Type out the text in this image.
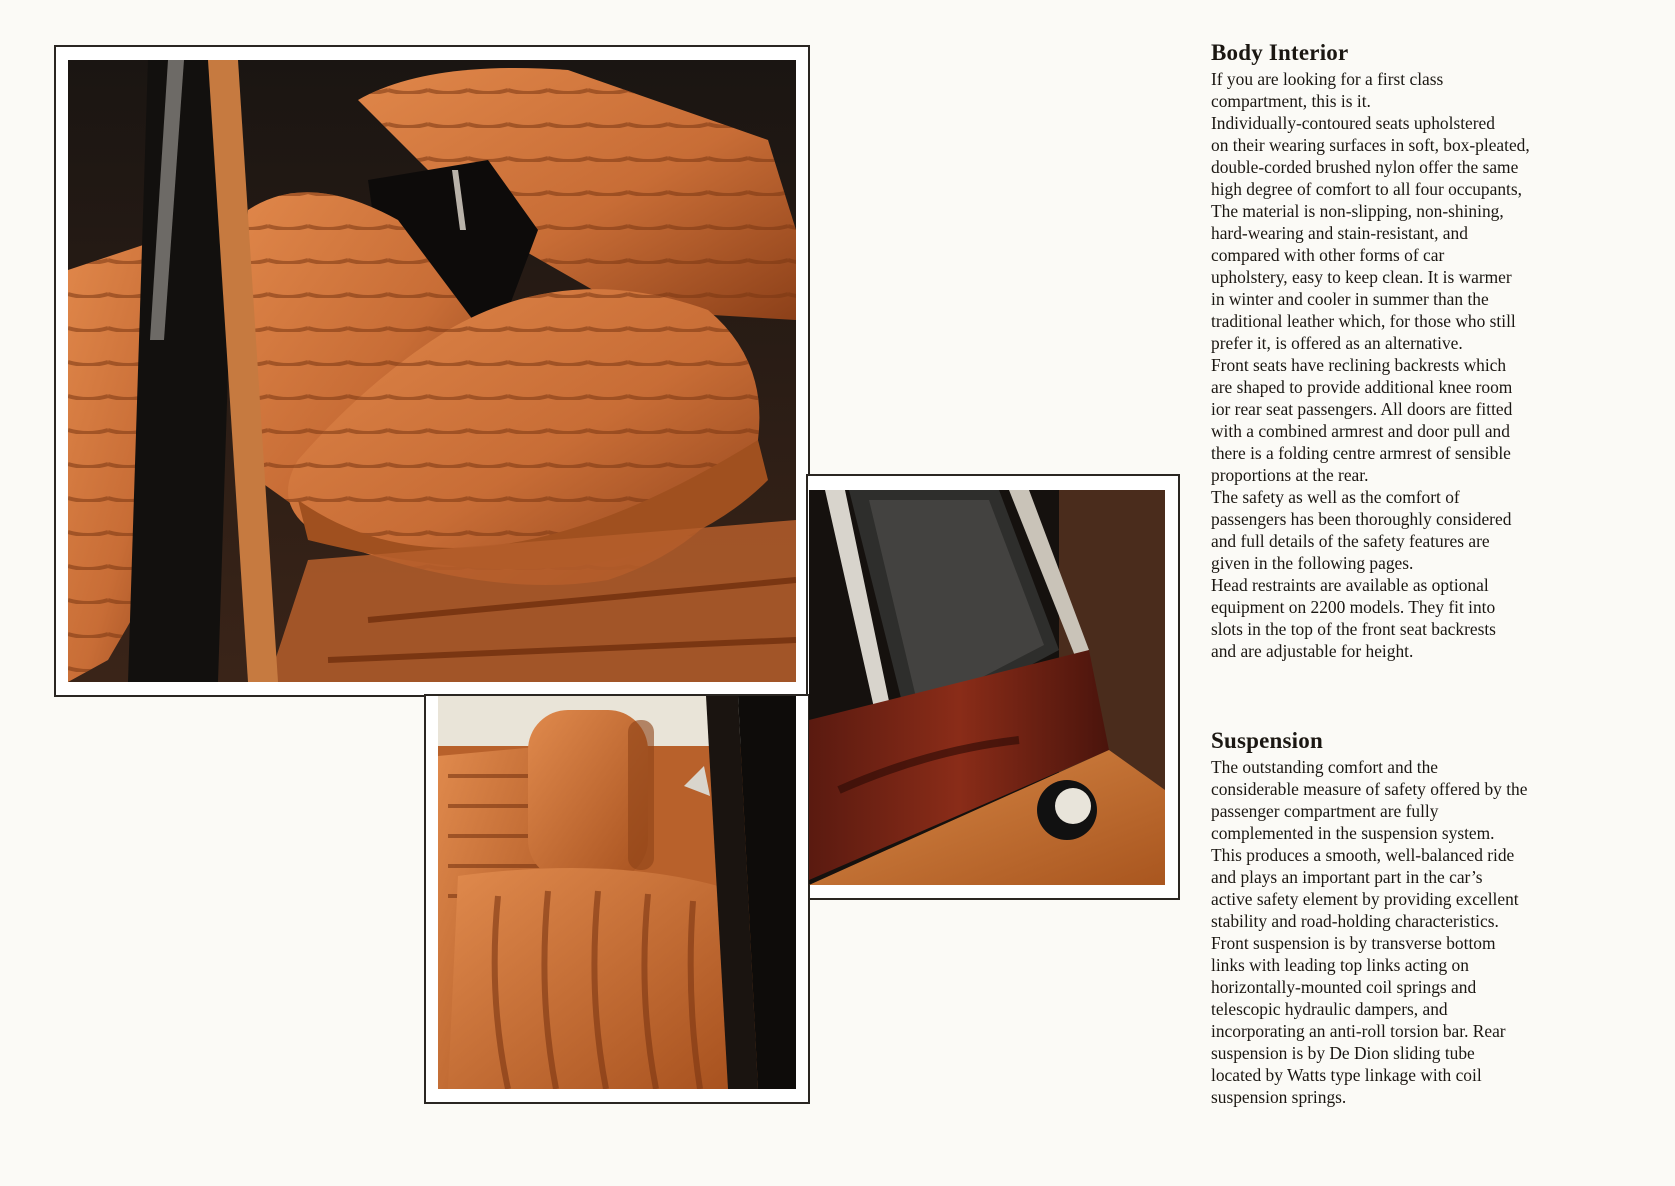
Body Interior

If you are looking for a first class

compartment, this is it.

Individually-contoured seats upholstered

on their wearing surfaces in soft, box-pleated,

double-corded brushed nylon offer the same

high degree of comfort to all four occupants,

The material is non-slipping, non-shining,

hard-wearing and stain-resistant, and

compared with other forms of car

upholstery, easy to keep clean. It is warmer

in winter and cooler in summer than the

traditional leather which, for those who still

prefer it, is offered as an alternative.

Front seats have reclining backrests which

are shaped to provide additional knee room

ior rear seat passengers. All doors are fitted

with a combined armrest and door pull and

there is a folding centre armrest of sensible

proportions at the rear.

The safety as well as the comfort of

passengers has been thoroughly considered

and full details of the safety features are

given in the following pages.

Head restraints are available as optional

equipment on 2200 models. They fit into

slots in the top of the front seat backrests

and are adjustable for height.

Suspension

The outstanding comfort and the

considerable measure of safety offered by the

passenger compartment are fully

complemented in the suspension system.

This produces a smooth, well-balanced ride

and plays an important part in the car’s

active safety element by providing excellent

stability and road-holding characteristics.

Front suspension is by transverse bottom

links with leading top links acting on

horizontally-mounted coil springs and

telescopic hydraulic dampers, and

incorporating an anti-roll torsion bar. Rear

suspension is by De Dion sliding tube

located by Watts type linkage with coil

suspension springs.
